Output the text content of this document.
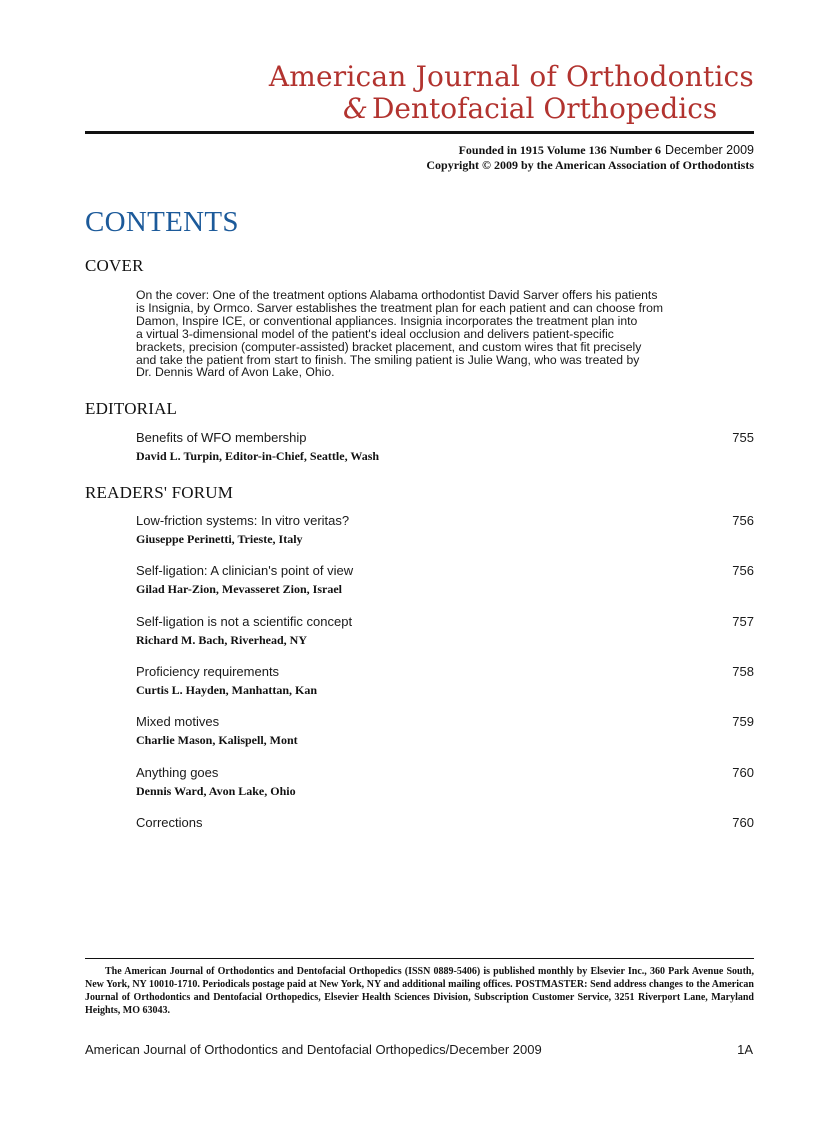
American Journal of Orthodontics
& Dentofacial Orthopedics
Founded in 1915 Volume 136 Number 6 December 2009
Copyright © 2009 by the American Association of Orthodontists
CONTENTS
COVER
On the cover: One of the treatment options Alabama orthodontist David Sarver offers his patients
is Insignia, by Ormco. Sarver establishes the treatment plan for each patient and can choose from
Damon, Inspire ICE, or conventional appliances. Insignia incorporates the treatment plan into
a virtual 3-dimensional model of the patient's ideal occlusion and delivers patient-specific
brackets, precision (computer-assisted) bracket placement, and custom wires that fit precisely
and take the patient from start to finish. The smiling patient is Julie Wang, who was treated by
Dr. Dennis Ward of Avon Lake, Ohio.
EDITORIAL
Benefits of WFO membership	755
David L. Turpin, Editor-in-Chief, Seattle, Wash
READERS' FORUM
Low-friction systems: In vitro veritas?	756
Giuseppe Perinetti, Trieste, Italy
Self-ligation: A clinician's point of view	756
Gilad Har-Zion, Mevasseret Zion, Israel
Self-ligation is not a scientific concept	757
Richard M. Bach, Riverhead, NY
Proficiency requirements	758
Curtis L. Hayden, Manhattan, Kan
Mixed motives	759
Charlie Mason, Kalispell, Mont
Anything goes	760
Dennis Ward, Avon Lake, Ohio
Corrections	760
The American Journal of Orthodontics and Dentofacial Orthopedics (ISSN 0889-5406) is published monthly by Elsevier Inc., 360 Park Avenue South, New York, NY 10010-1710. Periodicals postage paid at New York, NY and additional mailing offices. POSTMASTER: Send address changes to the American Journal of Orthodontics and Dentofacial Orthopedics, Elsevier Health Sciences Division, Subscription Customer Service, 3251 Riverport Lane, Maryland Heights, MO 63043.
American Journal of Orthodontics and Dentofacial Orthopedics/December 2009	1A
